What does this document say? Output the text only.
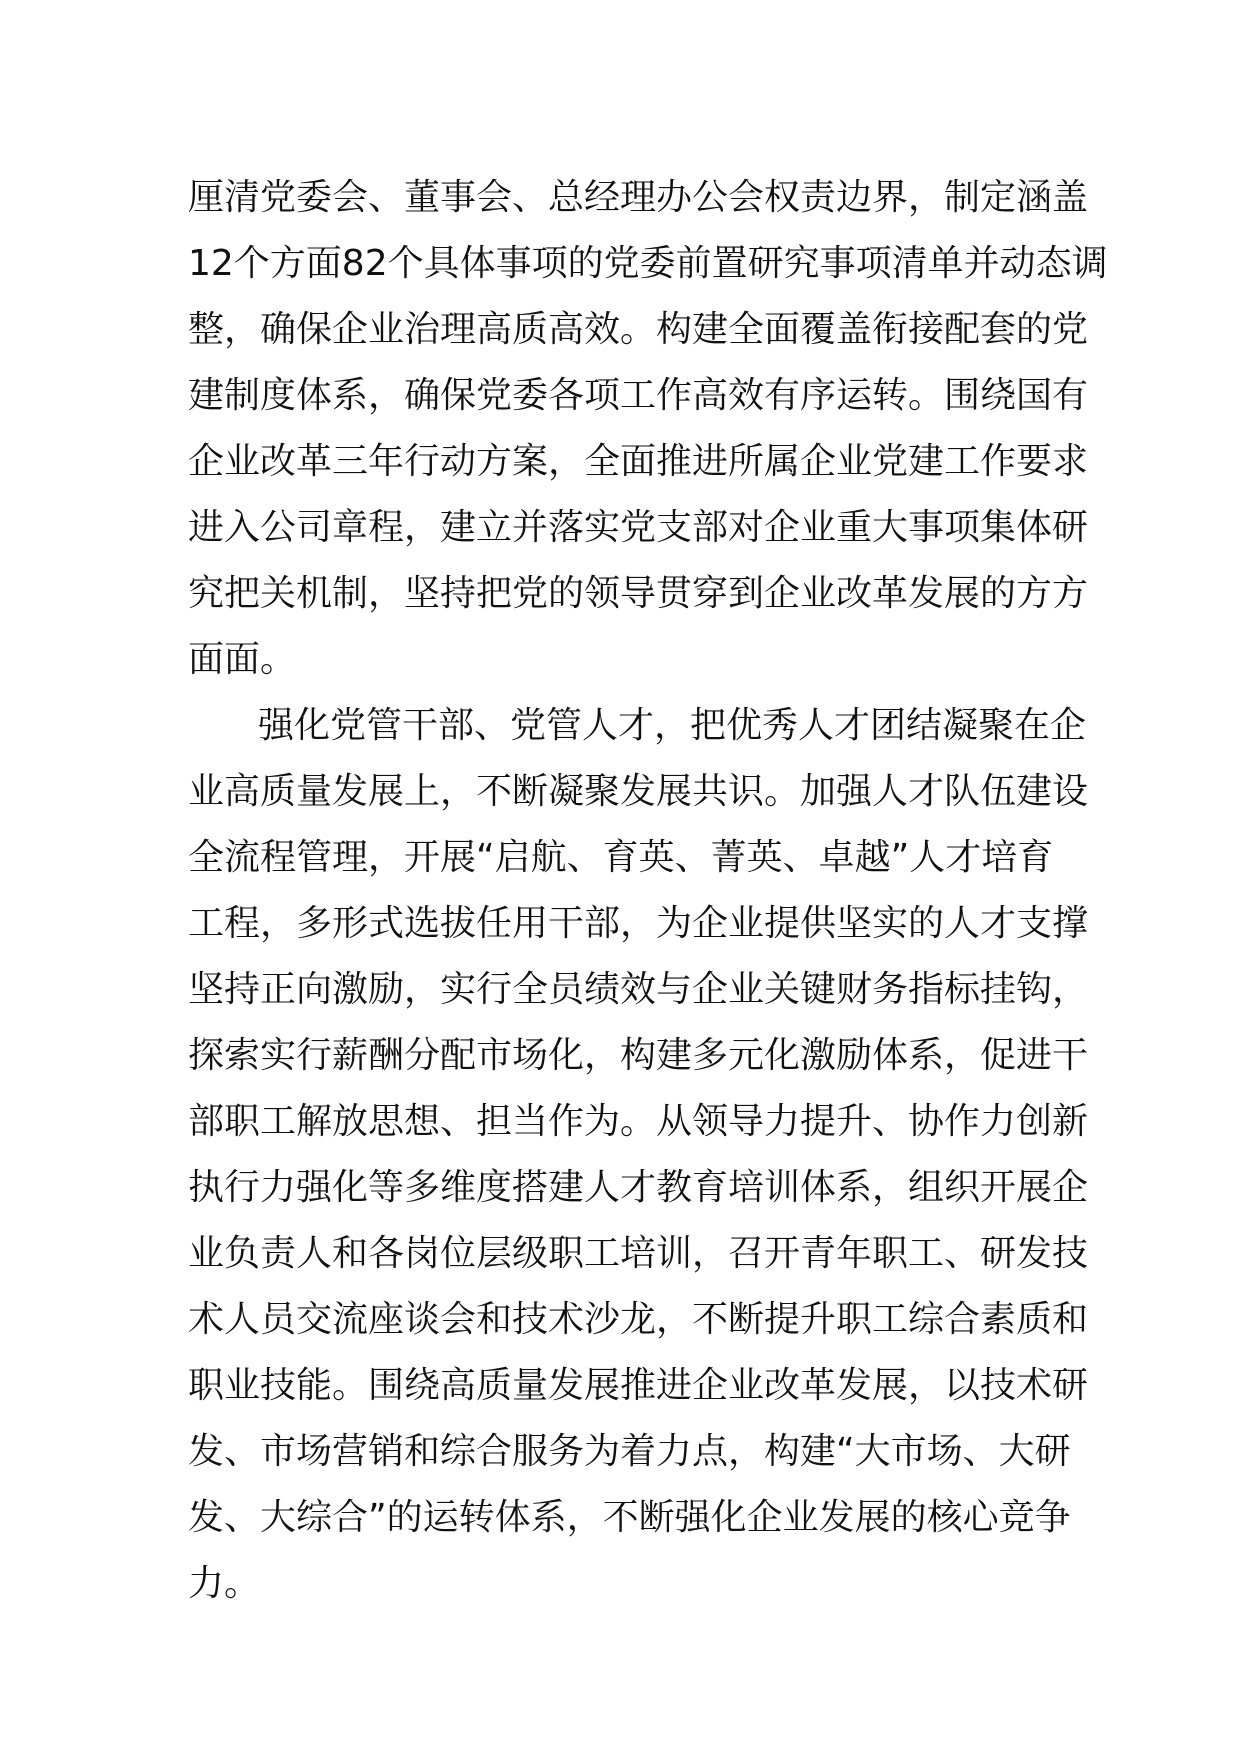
厘清党委会、董事会、总经理办公会权责边界，制定涵盖
12个方面82个具体事项的党委前置研究事项清单并动态调
整，确保企业治理高质高效。构建全面覆盖衔接配套的党
建制度体系，确保党委各项工作高效有序运转。围绕国有
企业改革三年行动方案，全面推进所属企业党建工作要求
进入公司章程，建立并落实党支部对企业重大事项集体研
究把关机制，坚持把党的领导贯穿到企业改革发展的方方
面面。
强化党管干部、党管人才，把优秀人才团结凝聚在企
业高质量发展上，不断凝聚发展共识。加强人才队伍建设
全流程管理，开展“启航、育英、菁英、卓越”人才培育
工程，多形式选拔任用干部，为企业提供坚实的人才支撑
坚持正向激励，实行全员绩效与企业关键财务指标挂钩，
探索实行薪酬分配市场化，构建多元化激励体系，促进干
部职工解放思想、担当作为。从领导力提升、协作力创新
执行力强化等多维度搭建人才教育培训体系，组织开展企
业负责人和各岗位层级职工培训，召开青年职工、研发技
术人员交流座谈会和技术沙龙，不断提升职工综合素质和
职业技能。围绕高质量发展推进企业改革发展，以技术研
发、市场营销和综合服务为着力点，构建“大市场、大研
发、大综合”的运转体系，不断强化企业发展的核心竞争
力。
